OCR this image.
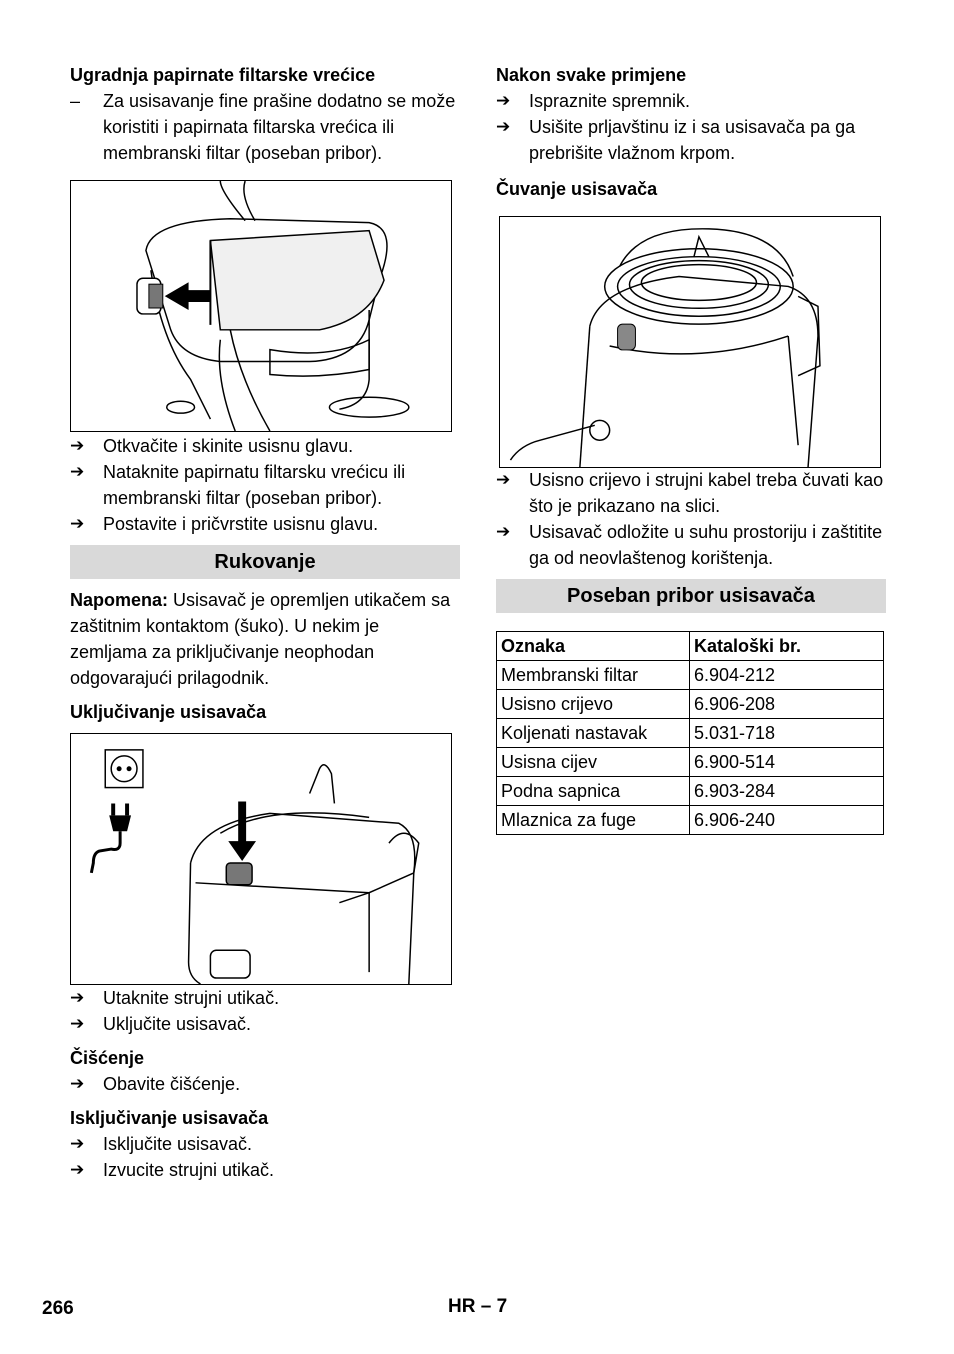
Ugradnja papirnate filtarske vrećice
–	Za usisavanje fine prašine dodatno se može koristiti i papirnata filtarska vrećica ili membranski filtar (poseban pribor).
➔	Otkvačite i skinite usisnu glavu.
➔	Nataknite papirnatu filtarsku vrećicu ili membranski filtar (poseban pribor).
➔	Postavite i pričvrstite usisnu glavu.
Rukovanje

Napomena: Usisavač je opremljen utikačem sa zaštitnim kontaktom (šuko). U nekim je zemljama za priključivanje neophodan odgovarajući prilagodnik.

Uključivanje usisavača
➔	Utaknite strujni utikač.
➔	Uključite usisavač.
Čišćenje
➔	Obavite čišćenje.
Isključivanje usisavača
➔	Isključite usisavač.
➔	Izvucite strujni utikač.
Nakon svake primjene
➔	Ispraznite spremnik.
➔	Usišite prljavštinu iz i sa usisavača pa ga prebrišite vlažnom krpom.
Čuvanje usisavača
➔	Usisno crijevo i strujni kabel treba čuvati kao što je prikazano na slici.
➔	Usisavač odložite u suhu prostoriju i zaštitite ga od neovlaštenog korištenja.
Poseban pribor usisavača
Oznaka	Kataloški br.
Membranski filtar	6.904-212
Usisno crijevo	6.906-208
Koljenati nastavak	5.031-718
Usisna cijev	6.900-514
Podna sapnica	6.903-284
Mlaznica za fuge	6.906-240
266	HR – 7
